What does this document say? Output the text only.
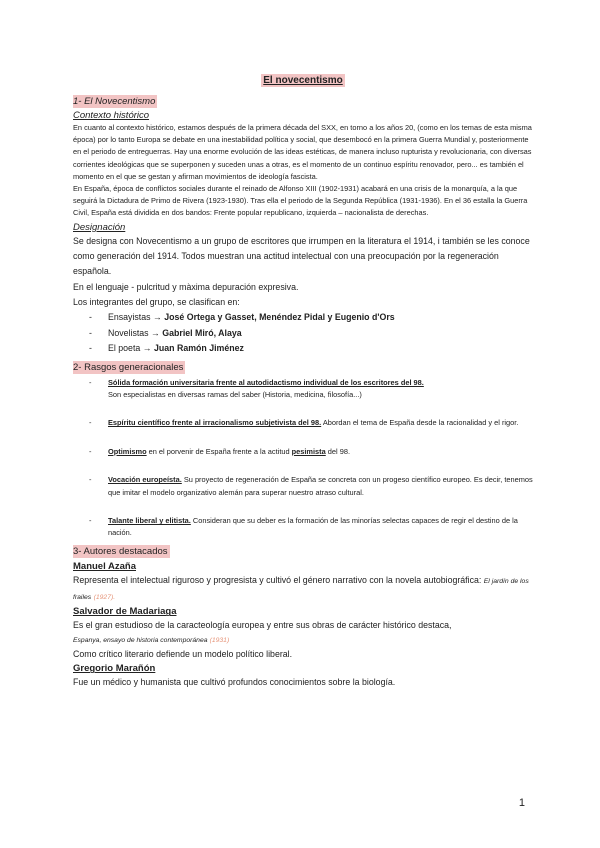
El novecentismo
1- El Novecentismo

Contexto histórico

En cuanto al contexto histórico, estamos después de la primera década del SXX, en torno a los años 20, (como en los temas de esta misma época) por lo tanto Europa se debate en una inestabilidad política y social, que desembocó en la primera Guerra Mundial y, posteriormente en el periodo de entreguerras. Hay una enorme evolución de las ideas estéticas, de manera incluso rupturista y revolucionaria, con diversas corrientes ideológicas que se superponen y suceden unas a otras, es el momento de un continuo espíritu renovador, pero... es también el momento en el que se gestan y afirman movimientos de ideología fascista.

En España, época de conflictos sociales durante el reinado de Alfonso XIII (1902-1931) acabará en una crisis de la monarquía, a la que seguirá la Dictadura de Primo de Rivera (1923-1930). Tras ella el periodo de la Segunda República (1931-1936). En el 36 estalla la Guerra Civil, España está dividida en dos bandos: Frente popular republicano, izquierda – nacionalista de derechas.

Designación

Se designa con Novecentismo a un grupo de escritores que irrumpen en la literatura el 1914, i también se les conoce como generación del 1914. Todos muestran una actitud intelectual con una preocupación por la regeneración española.

En el lenguaje - pulcritud y màxima depuración expresiva.

Los integrantes del grupo, se clasifican en:

- Ensayistas → José Ortega y Gasset, Menéndez Pidal y Eugenio d'Ors
- Novelistas → Gabriel Miró, Alaya
- El poeta → Juan Ramón Jiménez
2- Rasgos generacionales
- Sólida formación universitaria frente al autodidactismo individual de los escritores del 98.
Son especialistas en diversas ramas del saber (Historia, medicina, filosofía...)
- Espíritu científico frente al irracionalismo subjetivista del 98. Abordan el tema de España desde la racionalidad y el rigor.
- Optimismo en el porvenir de España frente a la actitud pesimista del 98.
- Vocación europeísta. Su proyecto de regeneración de España se concreta con un progeso científico europeo. Es decir, tenemos que imitar el modelo organizativo alemán para superar nuestro atraso cultural.
- Talante liberal y elitista. Consideran que su deber es la formación de las minorías selectas capaces de regir el destino de la nación.
3- Autores destacados

Manuel Azaña

Representa el intelectual riguroso y progresista y cultivó el género narrativo con la novela autobiográfica: El jardín de los frailes (1927).

Salvador de Madariaga

Es el gran estudioso de la caracteología europea y entre sus obras de carácter histórico destaca,

Espanya, ensayo de historia contemporánea (1931)

Como crítico literario defiende un modelo político liberal.

Gregorio Marañón

Fue un médico y humanista que cultivó profundos conocimientos sobre la biología.

1
